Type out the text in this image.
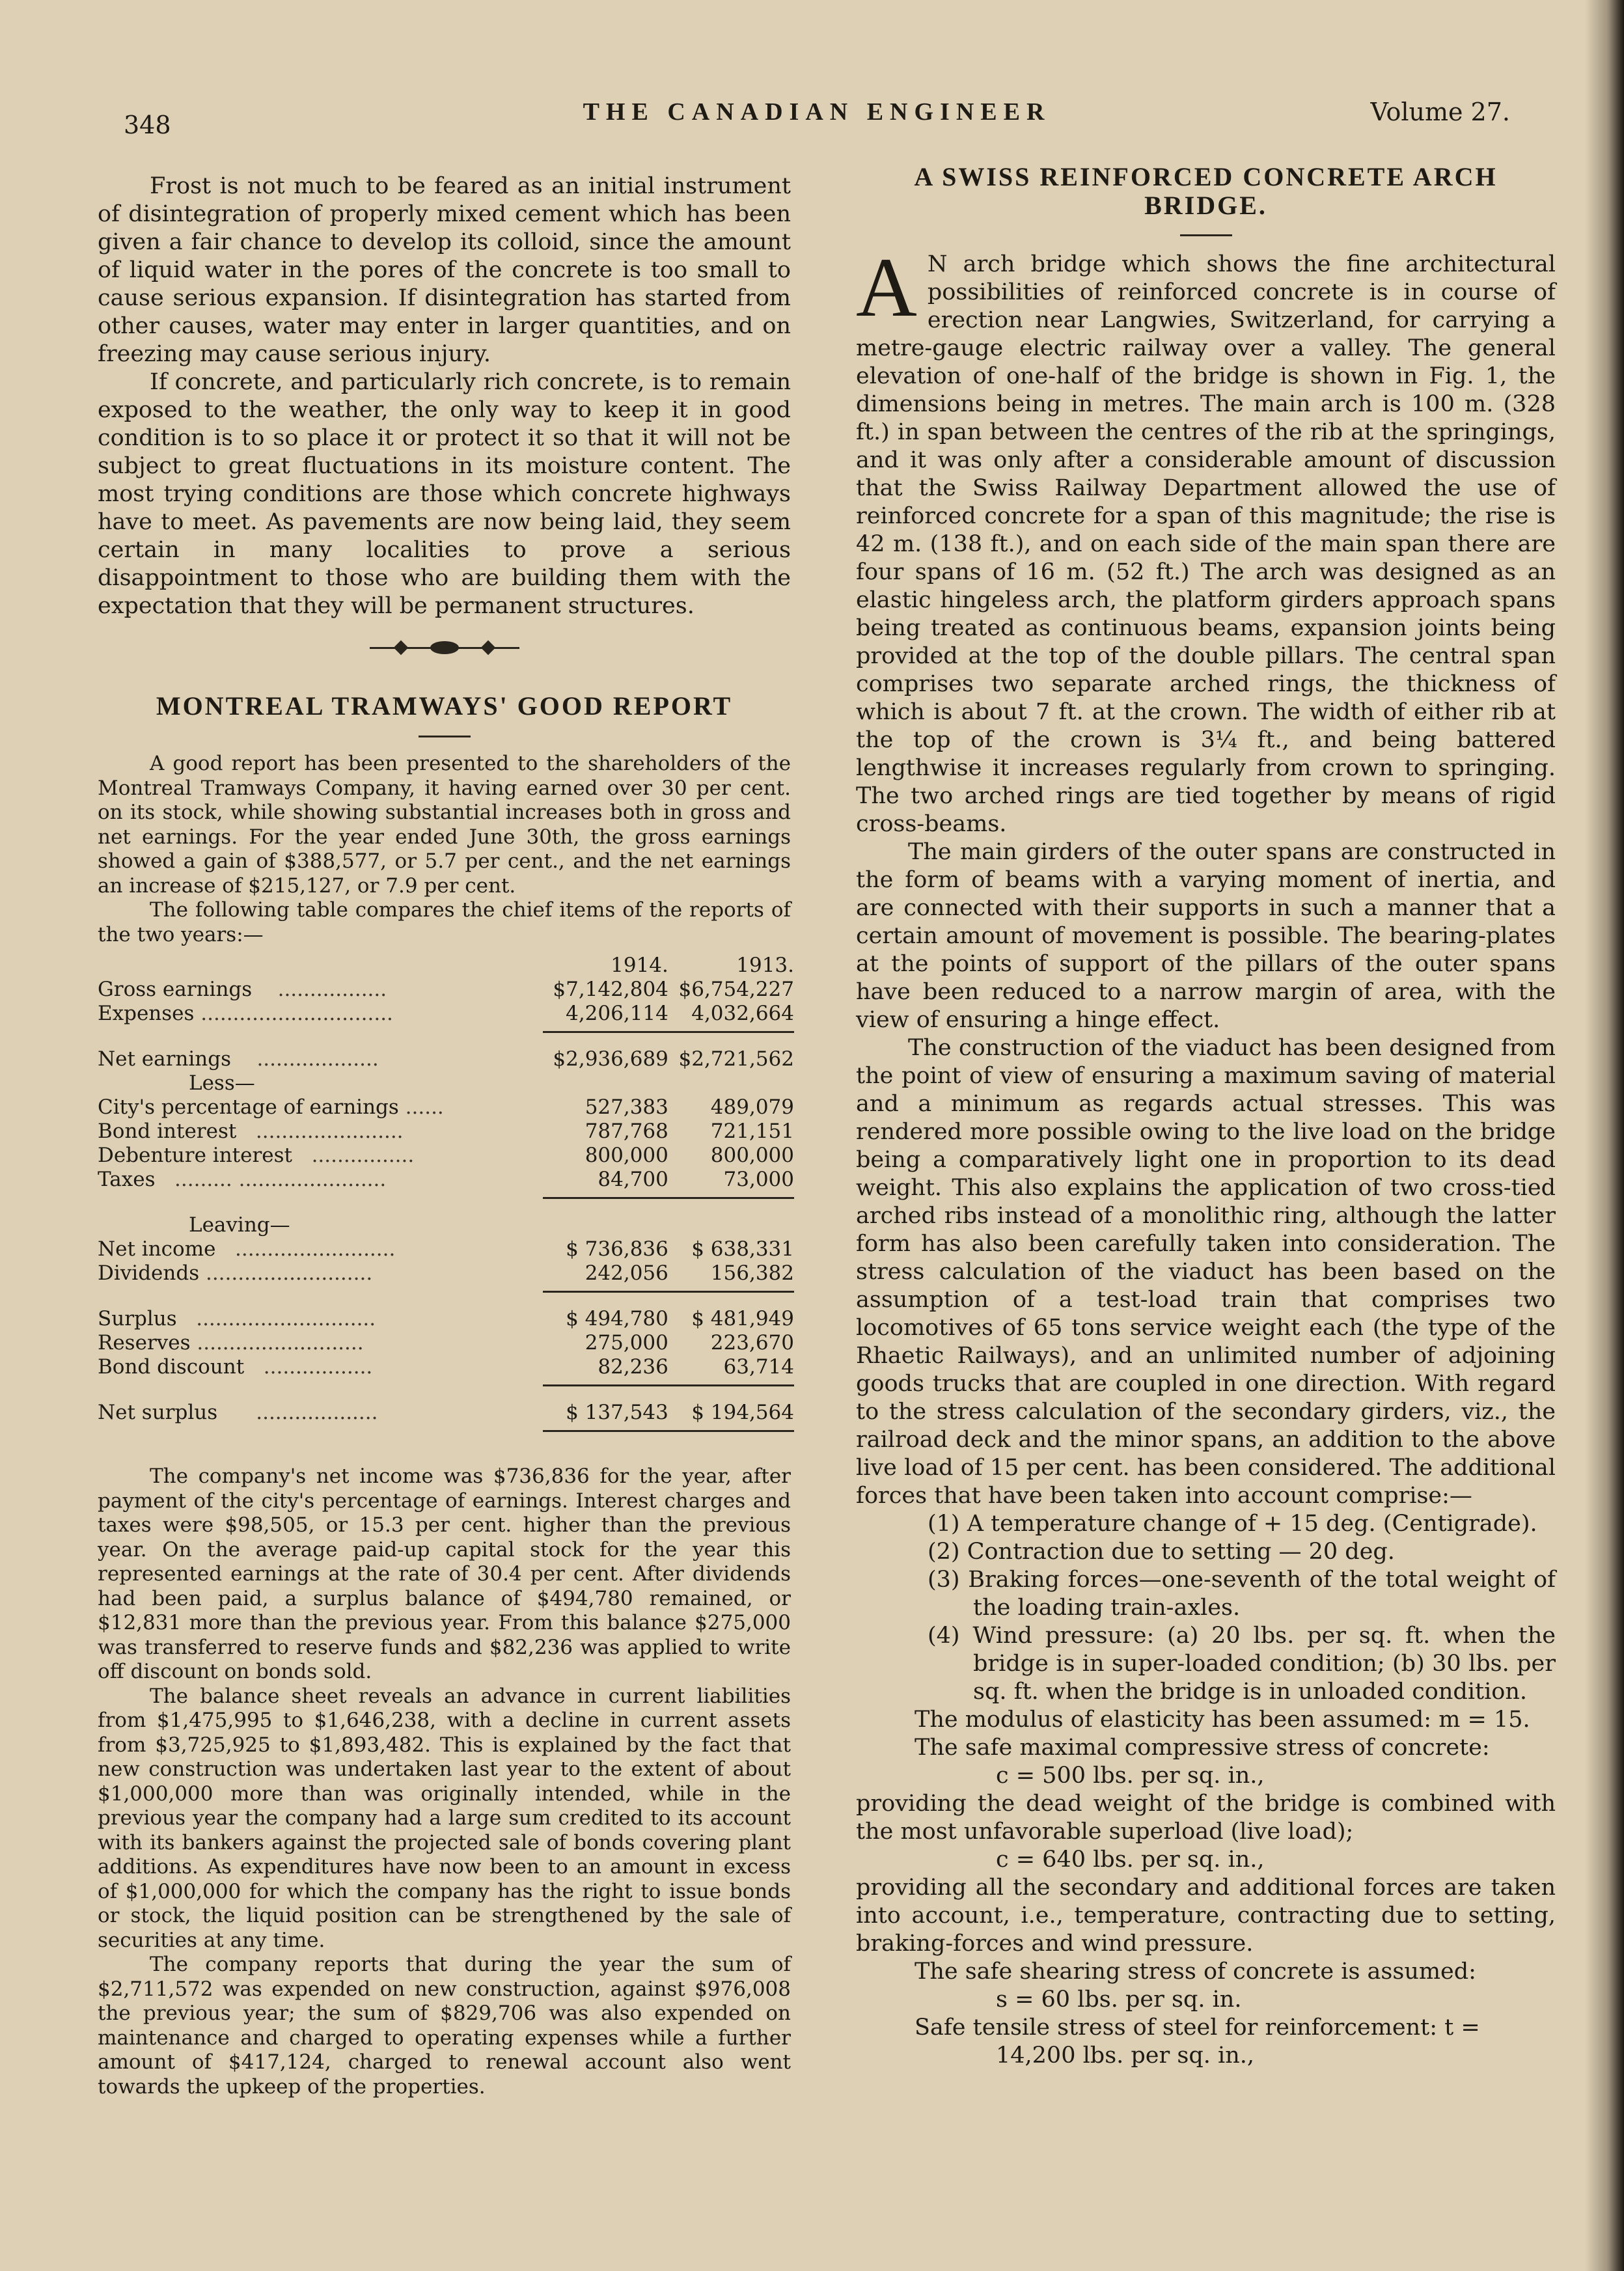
348	THE CANADIAN ENGINEER	Volume 27.

Frost is not much to be feared as an initial instrument of disintegration of properly mixed cement which has been given a fair chance to develop its colloid, since the amount of liquid water in the pores of the concrete is too small to cause serious expansion. If disintegration has started from other causes, water may enter in larger quantities, and on freezing may cause serious injury.

If concrete, and particularly rich concrete, is to remain exposed to the weather, the only way to keep it in good condition is to so place it or protect it so that it will not be subject to great fluctuations in its moisture content. The most trying conditions are those which concrete highways have to meet. As pavements are now being laid, they seem certain in many localities to prove a serious disappointment to those who are building them with the expectation that they will be permanent structures.

MONTREAL TRAMWAYS' GOOD REPORT

A good report has been presented to the shareholders of the Montreal Tramways Company, it having earned over 30 per cent. on its stock, while showing substantial increases both in gross and net earnings. For the year ended June 30th, the gross earnings showed a gain of $388,577, or 5.7 per cent., and the net earnings an increase of $215,127, or 7.9 per cent.

The following table compares the chief items of the reports of the two years:—

	1914.	1913.
Gross earnings    .................	$7,142,804	$6,754,227
Expenses ..............................	4,206,114	4,032,664

Net earnings    ...................	$2,936,689	$2,721,562
Less—		
City's percentage of earnings ......	527,383	489,079
Bond interest   .......................	787,768	721,151
Debenture interest   ................	800,000	800,000
Taxes   ......... .......................	84,700	73,000

Leaving—		
Net income   .........................	$ 736,836	$ 638,331
Dividends ..........................	242,056	156,382

Surplus   ............................	$ 494,780	$ 481,949
Reserves ..........................	275,000	223,670
Bond discount   .................	82,236	63,714

Net surplus      ...................	$ 137,543	$ 194,564

The company's net income was $736,836 for the year, after payment of the city's percentage of earnings. Interest charges and taxes were $98,505, or 15.3 per cent. higher than the previous year. On the average paid-up capital stock for the year this represented earnings at the rate of 30.4 per cent. After dividends had been paid, a surplus balance of $494,780 remained, or $12,831 more than the previous year. From this balance $275,000 was transferred to reserve funds and $82,236 was applied to write off discount on bonds sold.

The balance sheet reveals an advance in current liabilities from $1,475,995 to $1,646,238, with a decline in current assets from $3,725,925 to $1,893,482. This is explained by the fact that new construction was undertaken last year to the extent of about $1,000,000 more than was originally intended, while in the previous year the company had a large sum credited to its account with its bankers against the projected sale of bonds covering plant additions. As expenditures have now been to an amount in excess of $1,000,000 for which the company has the right to issue bonds or stock, the liquid position can be strengthened by the sale of securities at any time.

The company reports that during the year the sum of $2,711,572 was expended on new construction, against $976,008 the previous year; the sum of $829,706 was also expended on maintenance and charged to operating expenses while a further amount of $417,124, charged to renewal account also went towards the upkeep of the properties.

A SWISS REINFORCED CONCRETE ARCH BRIDGE.

A N arch bridge which shows the fine architectural possibilities of reinforced concrete is in course of erection near Langwies, Switzerland, for carrying a metre-gauge electric railway over a valley. The general elevation of one-half of the bridge is shown in Fig. 1, the dimensions being in metres. The main arch is 100 m. (328 ft.) in span between the centres of the rib at the springings, and it was only after a considerable amount of discussion that the Swiss Railway Department allowed the use of reinforced concrete for a span of this magnitude; the rise is 42 m. (138 ft.), and on each side of the main span there are four spans of 16 m. (52 ft.) The arch was designed as an elastic hingeless arch, the platform girders approach spans being treated as continuous beams, expansion joints being provided at the top of the double pillars. The central span comprises two separate arched rings, the thickness of which is about 7 ft. at the crown. The width of either rib at the top of the crown is 3¼ ft., and being battered lengthwise it increases regularly from crown to springing. The two arched rings are tied together by means of rigid cross-beams.

The main girders of the outer spans are constructed in the form of beams with a varying moment of inertia, and are connected with their supports in such a manner that a certain amount of movement is possible. The bearing-plates at the points of support of the pillars of the outer spans have been reduced to a narrow margin of area, with the view of ensuring a hinge effect.

The construction of the viaduct has been designed from the point of view of ensuring a maximum saving of material and a minimum as regards actual stresses. This was rendered more possible owing to the live load on the bridge being a comparatively light one in proportion to its dead weight. This also explains the application of two cross-tied arched ribs instead of a monolithic ring, although the latter form has also been carefully taken into consideration. The stress calculation of the viaduct has been based on the assumption of a test-load train that comprises two locomotives of 65 tons service weight each (the type of the Rhaetic Railways), and an unlimited number of adjoining goods trucks that are coupled in one direction. With regard to the stress calculation of the secondary girders, viz., the railroad deck and the minor spans, an addition to the above live load of 15 per cent. has been considered. The additional forces that have been taken into account comprise:—

(1) A temperature change of + 15 deg. (Centigrade).

(2) Contraction due to setting — 20 deg.

(3) Braking forces—one-seventh of the total weight of the loading train-axles.

(4) Wind pressure: (a) 20 lbs. per sq. ft. when the bridge is in super-loaded condition; (b) 30 lbs. per sq. ft. when the bridge is in unloaded condition.

The modulus of elasticity has been assumed: m = 15.

The safe maximal compressive stress of concrete:

c = 500 lbs. per sq. in.,

providing the dead weight of the bridge is combined with the most unfavorable superload (live load);

c = 640 lbs. per sq. in.,

providing all the secondary and additional forces are taken into account, i.e., temperature, contracting due to setting, braking-forces and wind pressure.

The safe shearing stress of concrete is assumed:

s = 60 lbs. per sq. in.

Safe tensile stress of steel for reinforcement: t =

14,200 lbs. per sq. in.,
